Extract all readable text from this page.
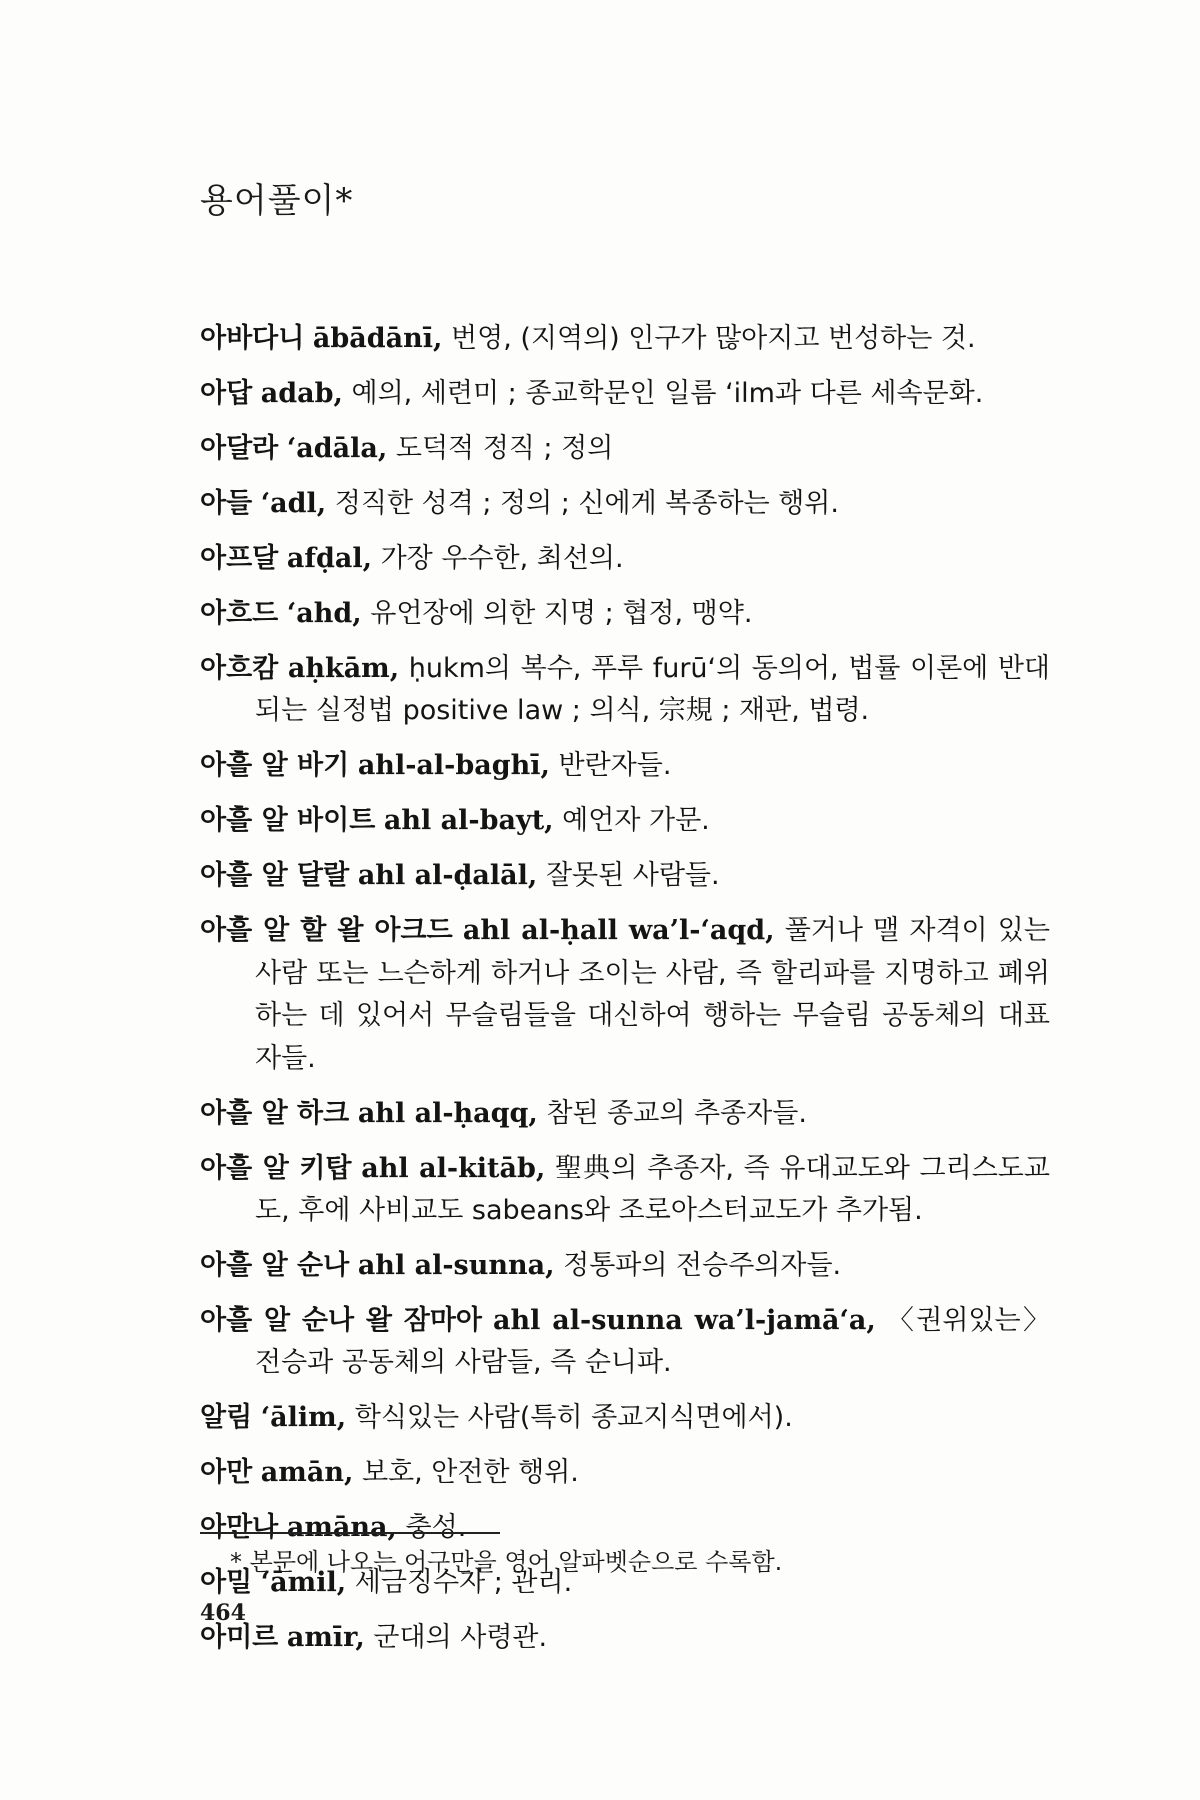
용어풀이*
아바다니 ābādānī, 번영, (지역의) 인구가 많아지고 번성하는 것.
아답 adab, 예의, 세련미 ; 종교학문인 일름 ‘ilm과 다른 세속문화.
아달라 ‘adāla, 도덕적 정직 ; 정의
아들 ‘adl, 정직한 성격 ; 정의 ; 신에게 복종하는 행위.
아프달 afḍal, 가장 우수한, 최선의.
아흐드 ‘ahd, 유언장에 의한 지명 ; 협정, 맹약.
아흐캄 aḥkām, ḥukm의 복수, 푸루 furū‘의 동의어, 법률 이론에 반대되는 실정법 positive law ; 의식, 宗規 ; 재판, 법령.
아흘 알 바기 ahl-al-baghī, 반란자들.
아흘 알 바이트 ahl al-bayt, 예언자 가문.
아흘 알 달랄 ahl al-ḍalāl, 잘못된 사람들.
아흘 알 할 왈 아크드 ahl al-ḥall wa’l-‘aqd, 풀거나 맬 자격이 있는 사람 또는 느슨하게 하거나 조이는 사람, 즉 할리파를 지명하고 폐위하는 데 있어서 무슬림들을 대신하여 행하는 무슬림 공동체의 대표자들.
아흘 알 하크 ahl al-ḥaqq, 참된 종교의 추종자들.
아흘 알 키탑 ahl al-kitāb, 聖典의 추종자, 즉 유대교도와 그리스도교도, 후에 사비교도 sabeans와 조로아스터교도가 추가됨.
아흘 알 순나 ahl al-sunna, 정통파의 전승주의자들.
아흘 알 순나 왈 잠마아 ahl al-sunna wa’l-jamā‘a, 〈권위있는〉 전승과 공동체의 사람들, 즉 순니파.
알림 ‘ālim, 학식있는 사람(특히 종교지식면에서).
아만 amān, 보호, 안전한 행위.
아만나 amāna, 충성.
아밀 ‘āmil, 세금징수자 ; 관리.
아미르 amīr, 군대의 사령관.
* 본문에 나오는 어구만을 영어 알파벳순으로 수록함.
464
